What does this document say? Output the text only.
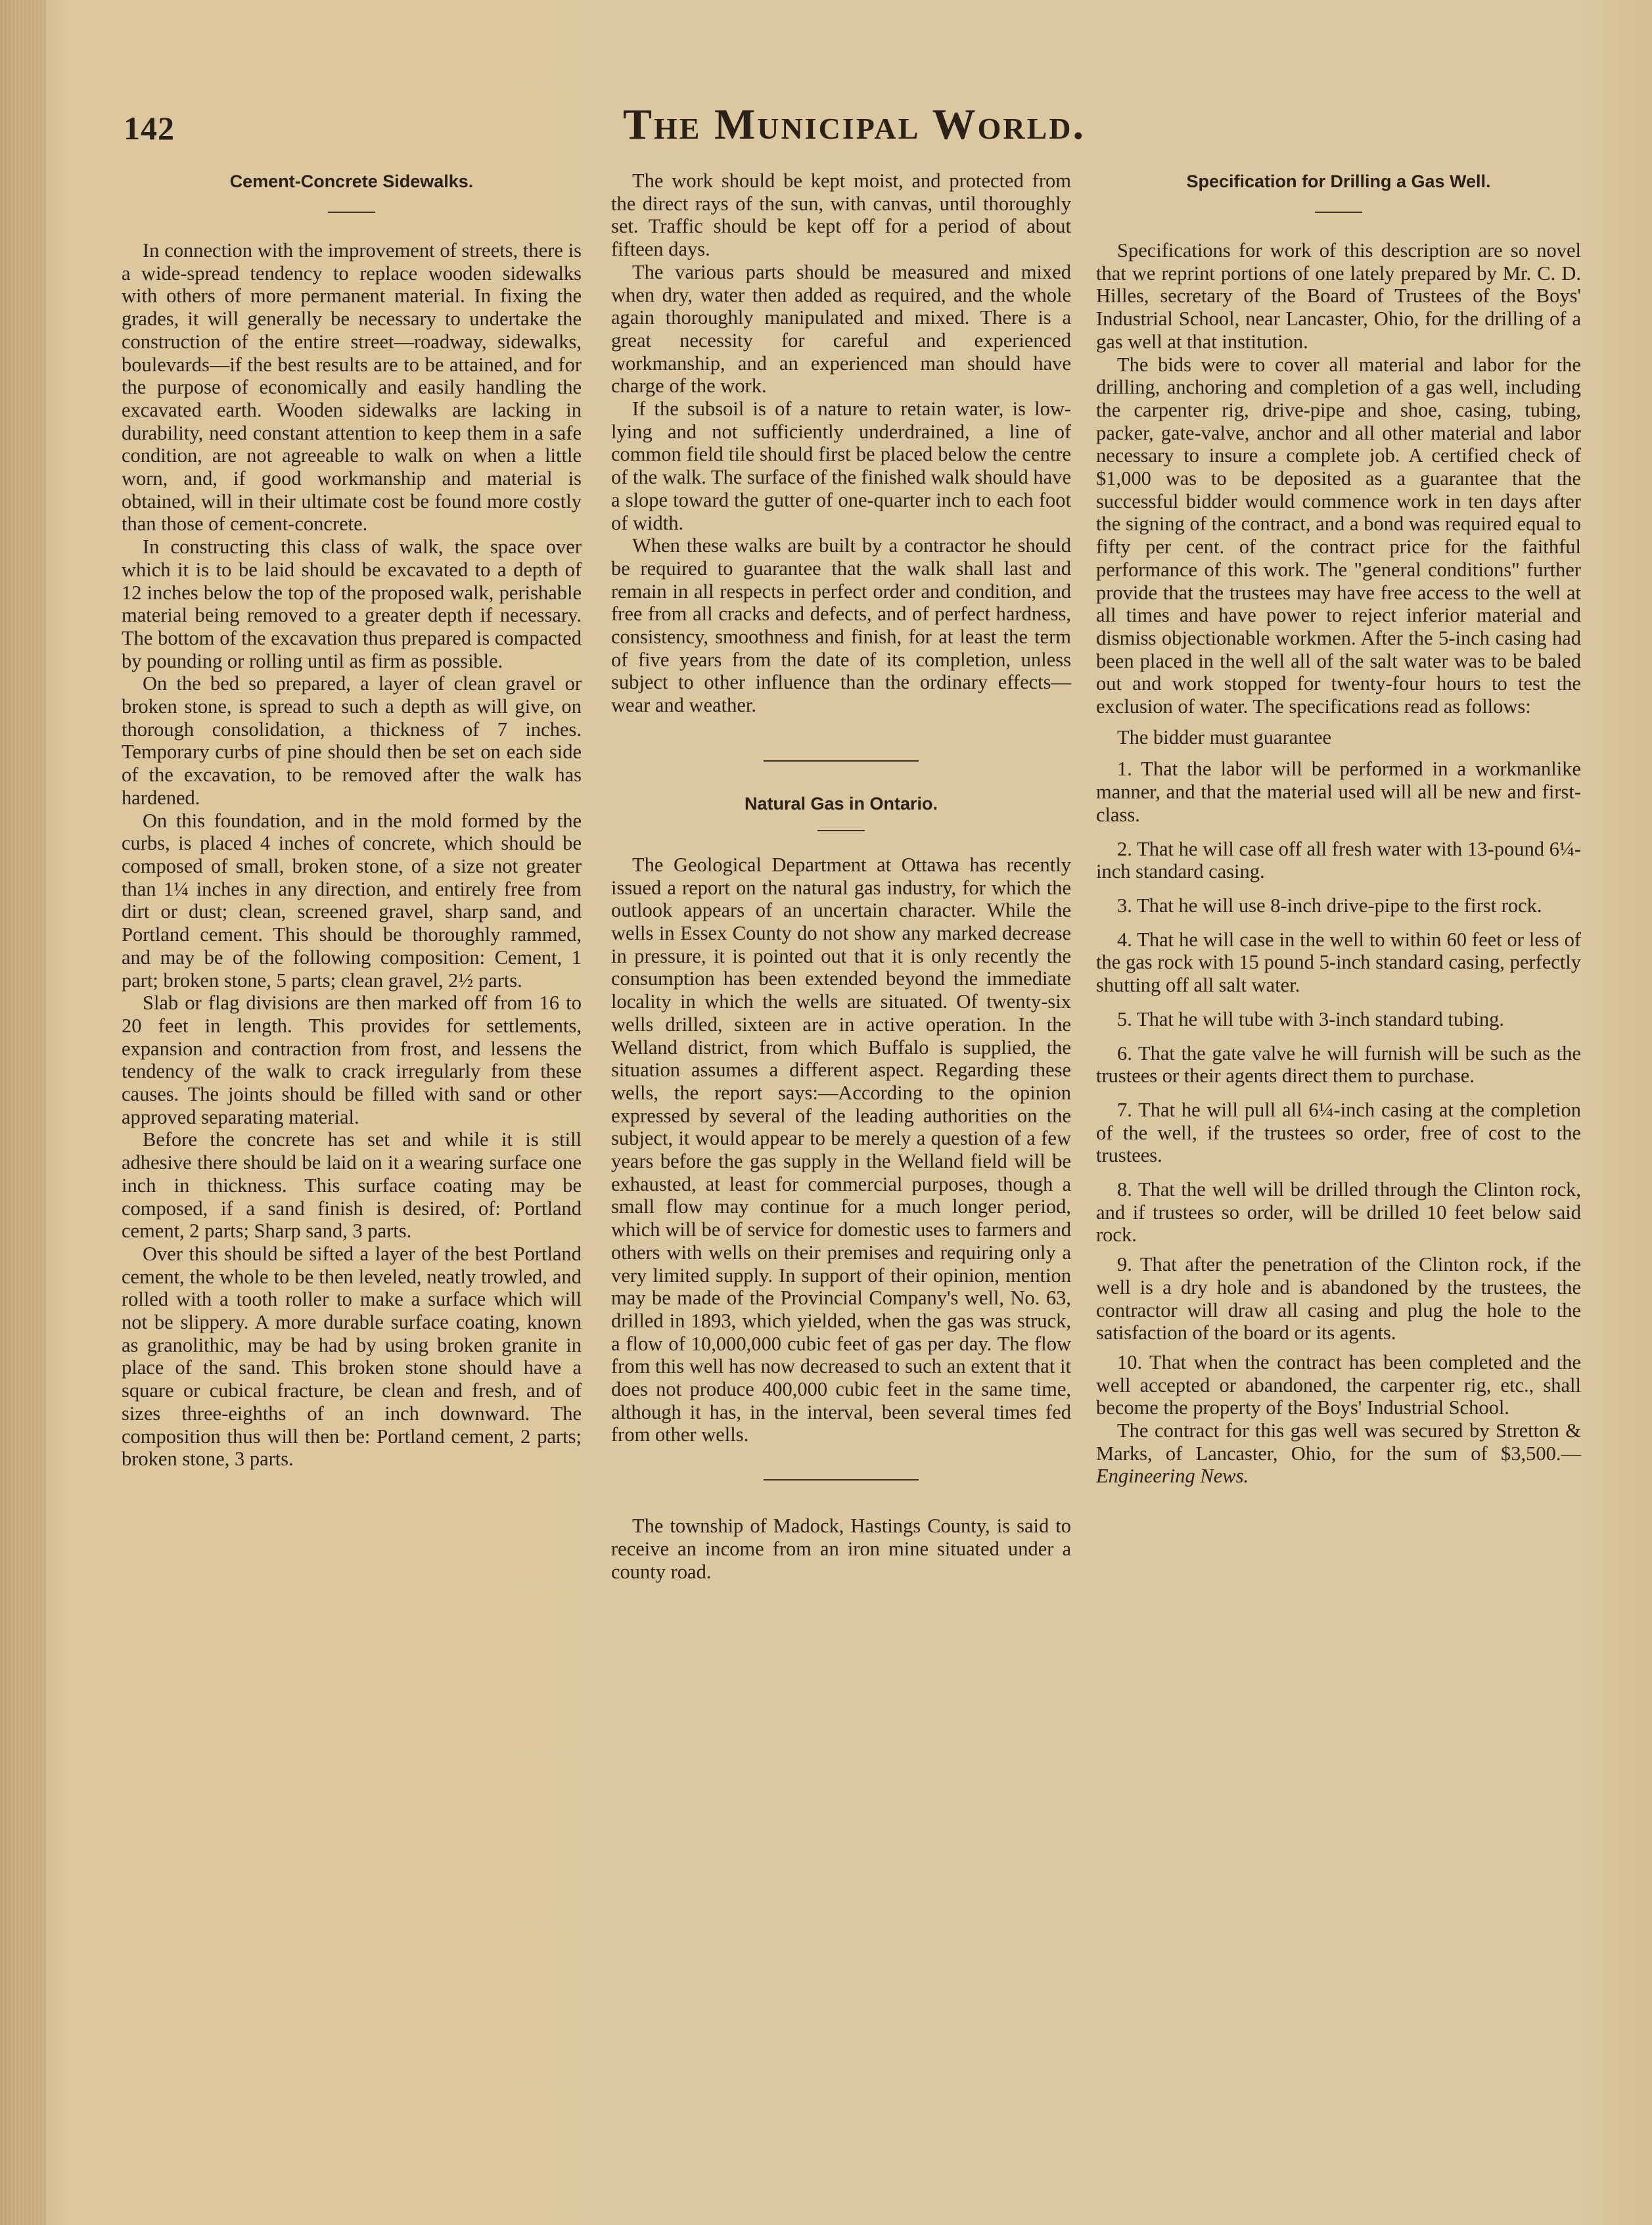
142	The Municipal World.
Cement-Concrete Sidewalks.

In connection with the improvement of streets, there is a wide-spread tendency to replace wooden sidewalks with others of more permanent material. In fixing the grades, it will generally be necessary to undertake the construction of the entire street—roadway, sidewalks, boulevards—if the best results are to be attained, and for the purpose of economically and easily handling the excavated earth. Wooden sidewalks are lacking in durability, need constant attention to keep them in a safe condition, are not agreeable to walk on when a little worn, and, if good workmanship and material is obtained, will in their ultimate cost be found more costly than those of cement-concrete.

In constructing this class of walk, the space over which it is to be laid should be excavated to a depth of 12 inches below the top of the proposed walk, perishable material being removed to a greater depth if necessary. The bottom of the excavation thus prepared is compacted by pounding or rolling until as firm as possible.

On the bed so prepared, a layer of clean gravel or broken stone, is spread to such a depth as will give, on thorough consolidation, a thickness of 7 inches. Temporary curbs of pine should then be set on each side of the excavation, to be removed after the walk has hardened.

On this foundation, and in the mold formed by the curbs, is placed 4 inches of concrete, which should be composed of small, broken stone, of a size not greater than 1¼ inches in any direction, and entirely free from dirt or dust; clean, screened gravel, sharp sand, and Portland cement. This should be thoroughly rammed, and may be of the following composition: Cement, 1 part; broken stone, 5 parts; clean gravel, 2½ parts.

Slab or flag divisions are then marked off from 16 to 20 feet in length. This provides for settlements, expansion and contraction from frost, and lessens the tendency of the walk to crack irregularly from these causes. The joints should be filled with sand or other approved separating material.

Before the concrete has set and while it is still adhesive there should be laid on it a wearing surface one inch in thickness. This surface coating may be composed, if a sand finish is desired, of: Portland cement, 2 parts; Sharp sand, 3 parts.

Over this should be sifted a layer of the best Portland cement, the whole to be then leveled, neatly trowled, and rolled with a tooth roller to make a surface which will not be slippery. A more durable surface coating, known as granolithic, may be had by using broken granite in place of the sand. This broken stone should have a square or cubical fracture, be clean and fresh, and of sizes three-eighths of an inch downward. The composition thus will then be: Portland cement, 2 parts; broken stone, 3 parts.

The work should be kept moist, and protected from the direct rays of the sun, with canvas, until thoroughly set. Traffic should be kept off for a period of about fifteen days.

The various parts should be measured and mixed when dry, water then added as required, and the whole again thoroughly manipulated and mixed. There is a great necessity for careful and experienced workmanship, and an experienced man should have charge of the work.

If the subsoil is of a nature to retain water, is low-lying and not sufficiently underdrained, a line of common field tile should first be placed below the centre of the walk. The surface of the finished walk should have a slope toward the gutter of one-quarter inch to each foot of width.

When these walks are built by a contractor he should be required to guarantee that the walk shall last and remain in all respects in perfect order and condition, and free from all cracks and defects, and of perfect hardness, consistency, smoothness and finish, for at least the term of five years from the date of its completion, unless subject to other influence than the ordinary effects—wear and weather.

Natural Gas in Ontario.

The Geological Department at Ottawa has recently issued a report on the natural gas industry, for which the outlook appears of an uncertain character. While the wells in Essex County do not show any marked decrease in pressure, it is pointed out that it is only recently the consumption has been extended beyond the immediate locality in which the wells are situated. Of twenty-six wells drilled, sixteen are in active operation. In the Welland district, from which Buffalo is supplied, the situation assumes a different aspect. Regarding these wells, the report says:—According to the opinion expressed by several of the leading authorities on the subject, it would appear to be merely a question of a few years before the gas supply in the Welland field will be exhausted, at least for commercial purposes, though a small flow may continue for a much longer period, which will be of service for domestic uses to farmers and others with wells on their premises and requiring only a very limited supply. In support of their opinion, mention may be made of the Provincial Company's well, No. 63, drilled in 1893, which yielded, when the gas was struck, a flow of 10,000,000 cubic feet of gas per day. The flow from this well has now decreased to such an extent that it does not produce 400,000 cubic feet in the same time, although it has, in the interval, been several times fed from other wells.

The township of Madock, Hastings County, is said to receive an income from an iron mine situated under a county road.

Specification for Drilling a Gas Well.

Specifications for work of this description are so novel that we reprint portions of one lately prepared by Mr. C. D. Hilles, secretary of the Board of Trustees of the Boys' Industrial School, near Lancaster, Ohio, for the drilling of a gas well at that institution.

The bids were to cover all material and labor for the drilling, anchoring and completion of a gas well, including the carpenter rig, drive-pipe and shoe, casing, tubing, packer, gate-valve, anchor and all other material and labor necessary to insure a complete job. A certified check of $1,000 was to be deposited as a guarantee that the successful bidder would commence work in ten days after the signing of the contract, and a bond was required equal to fifty per cent. of the contract price for the faithful performance of this work. The "general conditions" further provide that the trustees may have free access to the well at all times and have power to reject inferior material and dismiss objectionable workmen. After the 5-inch casing had been placed in the well all of the salt water was to be baled out and work stopped for twenty-four hours to test the exclusion of water. The specifications read as follows:

The bidder must guarantee

1. That the labor will be performed in a workmanlike manner, and that the material used will all be new and first-class.

2. That he will case off all fresh water with 13-pound 6¼-inch standard casing.

3. That he will use 8-inch drive-pipe to the first rock.

4. That he will case in the well to within 60 feet or less of the gas rock with 15 pound 5-inch standard casing, perfectly shutting off all salt water.

5. That he will tube with 3-inch standard tubing.

6. That the gate valve he will furnish will be such as the trustees or their agents direct them to purchase.

7. That he will pull all 6¼-inch casing at the completion of the well, if the trustees so order, free of cost to the trustees.

8. That the well will be drilled through the Clinton rock, and if trustees so order, will be drilled 10 feet below said rock.

9. That after the penetration of the Clinton rock, if the well is a dry hole and is abandoned by the trustees, the contractor will draw all casing and plug the hole to the satisfaction of the board or its agents.

10. That when the contract has been completed and the well accepted or abandoned, the carpenter rig, etc., shall become the property of the Boys' Industrial School.

The contract for this gas well was secured by Stretton & Marks, of Lancaster, Ohio, for the sum of $3,500.—Engineering News.
